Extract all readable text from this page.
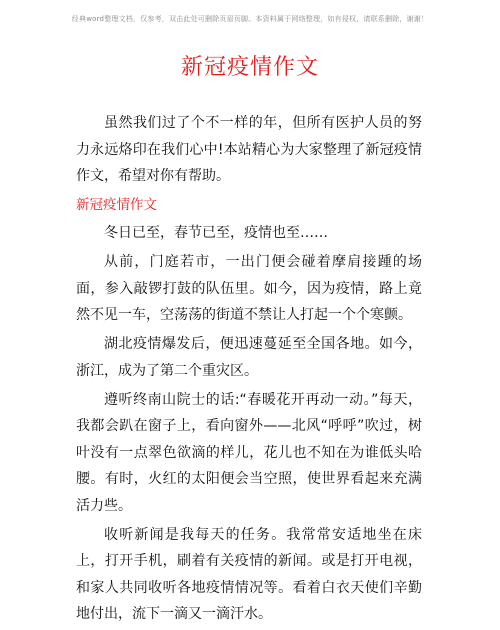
经典word整理文档，仅参考，双击此处可删除页眉页脚。本资料属于网络整理，如有侵权，请联系删除，谢谢！
新冠疫情作文

虽然我们过了个不一样的年，但所有医护人员的努力永远烙印在我们心中!本站精心为大家整理了新冠疫情作文，希望对你有帮助。

新冠疫情作文

冬日已至，春节已至，疫情也至……

从前，门庭若市，一出门便会碰着摩肩接踵的场面，参入敲锣打鼓的队伍里。如今，因为疫情，路上竟然不见一车，空荡荡的街道不禁让人打起一个个寒颤。

湖北疫情爆发后，便迅速蔓延至全国各地。如今，浙江，成为了第二个重灾区。

遵听终南山院士的话:“春暖花开再动一动。”每天，我都会趴在窗子上，看向窗外——北风“呼呼”吹过，树叶没有一点翠色欲滴的样儿，花儿也不知在为谁低头哈腰。有时，火红的太阳便会当空照，使世界看起来充满活力些。

收听新闻是我每天的任务。我常常安适地坐在床上，打开手机，刷着有关疫情的新闻。或是打开电视，和家人共同收听各地疫情情况等。看着白衣天使们辛勤地付出，流下一滴又一滴汗水。
